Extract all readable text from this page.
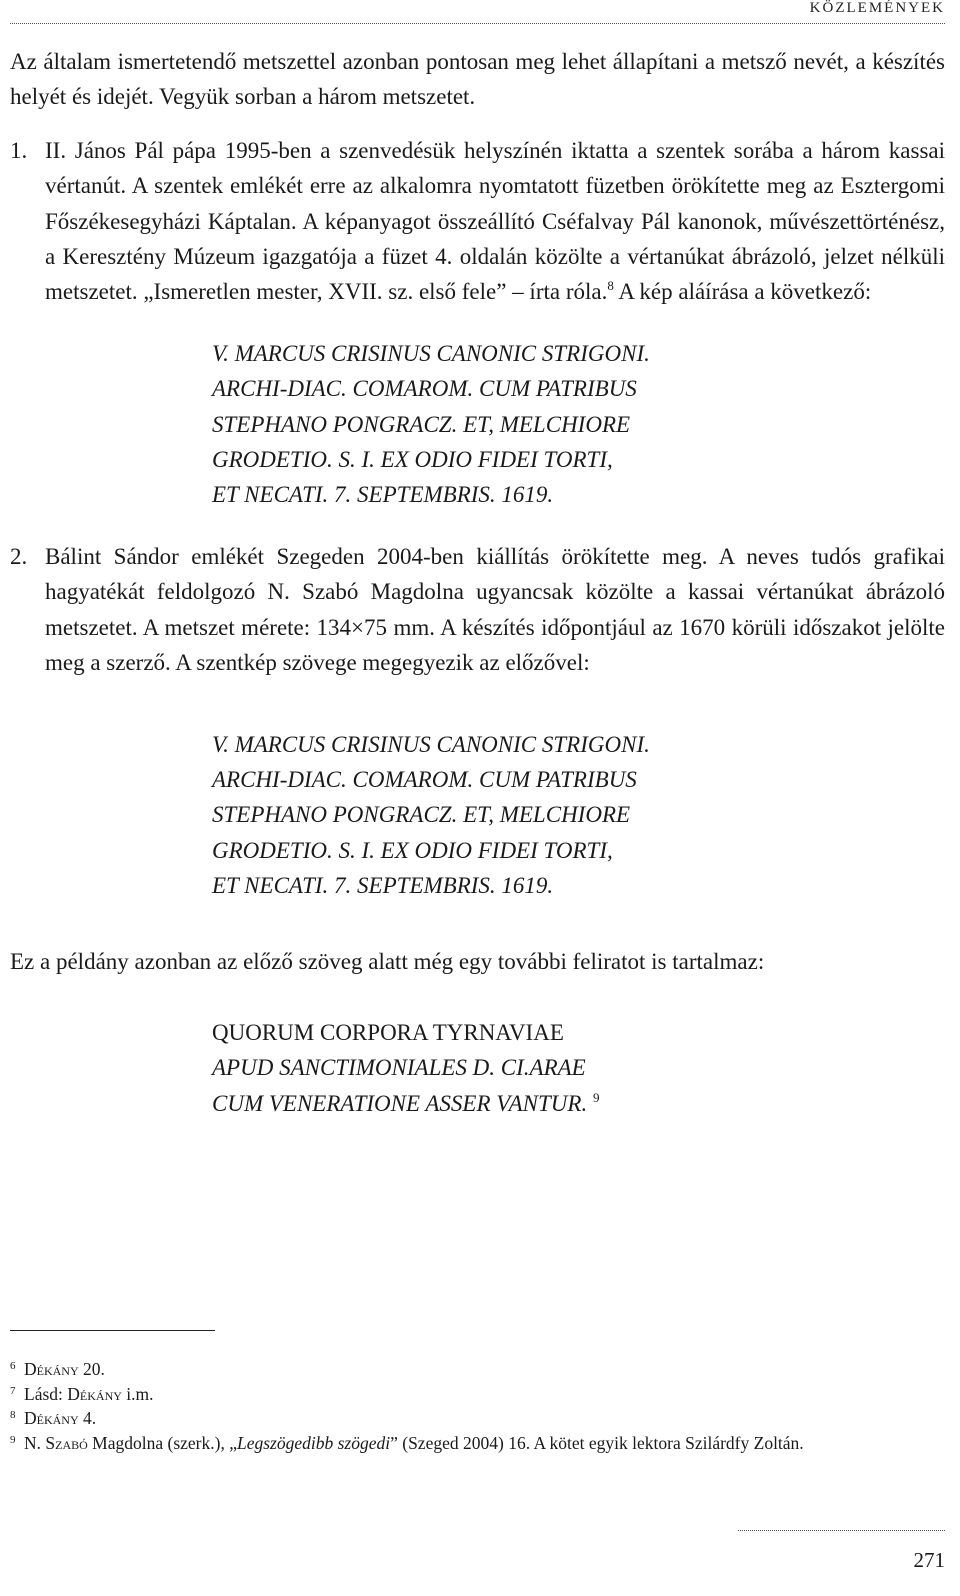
KÖZLEMÉNYEK

Az általam ismertetendő metszettel azonban pontosan meg lehet állapítani a metsző nevét, a készítés helyét és idejét. Vegyük sorban a három metszetet.

1. II. János Pál pápa 1995-ben a szenvedésük helyszínén iktatta a szentek sorába a három kassai vértanút. A szentek emlékét erre az alkalomra nyomtatott füzetben örökítette meg az Esztergomi Főszékesegyházi Káptalan. A képanyagot összeállító Cséfalvay Pál kanonok, művészettörténész, a Keresztény Múzeum igazgatója a füzet 4. oldalán közölte a vértanúkat ábrázoló, jelzet nélküli metszetet. „Ismeretlen mester, XVII. sz. első fele” – írta róla.$^8$ A kép aláírása a következő:

V. MARCUS CRISINUS CANONIC STRIGONI.
ARCHI-DIAC. COMAROM. CUM PATRIBUS
STEPHANO PONGRACZ. ET, MELCHIORE
GRODETIO. S. I. EX ODIO FIDEI TORTI,
ET NECATI. 7. SEPTEMBRIS. 1619.
2. Bálint Sándor emlékét Szegeden 2004-ben kiállítás örökítette meg. A neves tudós grafikai hagyatékát feldolgozó N. Szabó Magdolna ugyancsak közölte a kassai vértanúkat ábrázoló metszetet. A metszet mérete: 134×75 mm. A készítés időpontjául az 1670 körüli időszakot jelölte meg a szerző. A szentkép szövege megegyezik az előzővel:

V. MARCUS CRISINUS CANONIC STRIGONI.
ARCHI-DIAC. COMAROM. CUM PATRIBUS
STEPHANO PONGRACZ. ET, MELCHIORE
GRODETIO. S. I. EX ODIO FIDEI TORTI,
ET NECATI. 7. SEPTEMBRIS. 1619.

Ez a példány azonban az előző szöveg alatt még egy további feliratot is tartalmaz:

QUORUM CORPORA TYRNAVIAE
APUD SANCTIMONIALES D. CI.ARAE
CUM VENERATIONE ASSER VANTUR. $^9$
6 Dékány 20.
7 Lásd: Dékány i.m.
8 Dékány 4.
9 N. Szabó Magdolna (szerk.), „Legszögedibb szögedi” (Szeged 2004) 16. A kötet egyik lektora Szilárdfy Zoltán.
271
